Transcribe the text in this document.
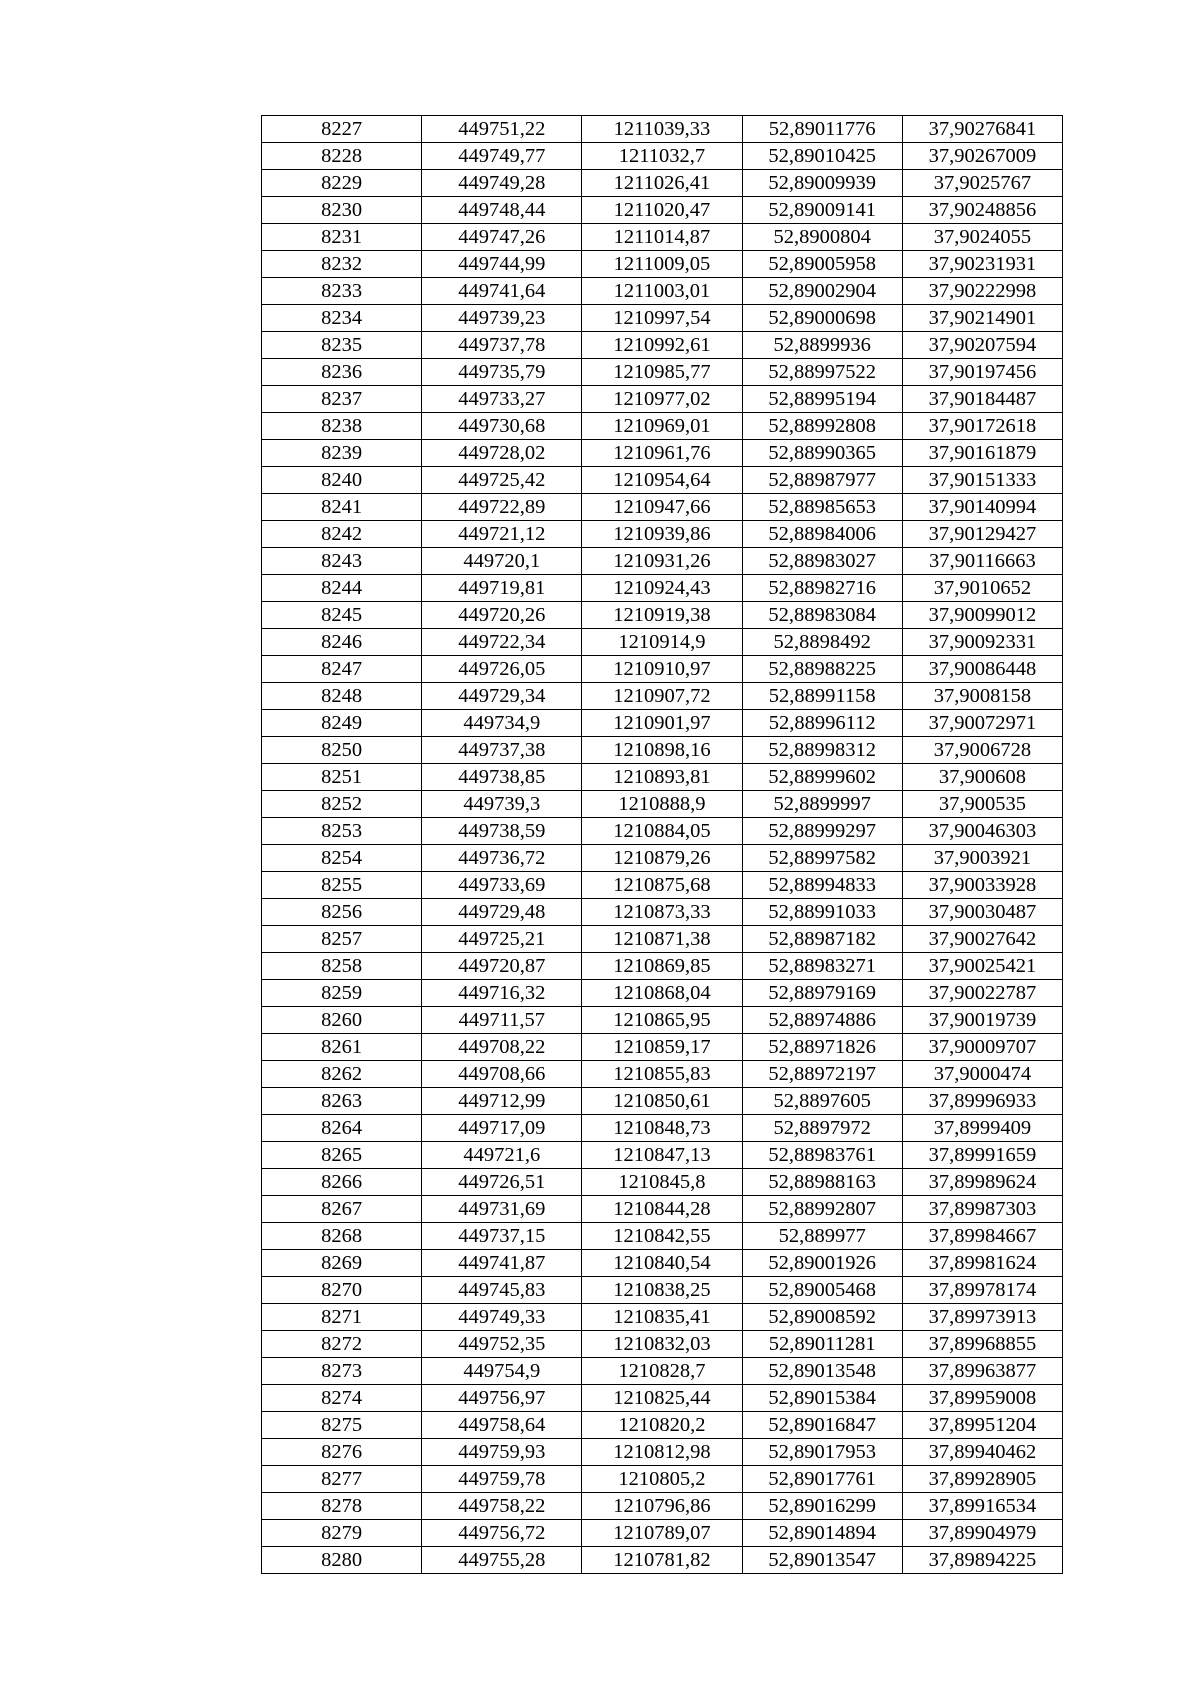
8227	449751,22	1211039,33	52,89011776	37,90276841
8228	449749,77	1211032,7	52,89010425	37,90267009
8229	449749,28	1211026,41	52,89009939	37,9025767
8230	449748,44	1211020,47	52,89009141	37,90248856
8231	449747,26	1211014,87	52,8900804	37,9024055
8232	449744,99	1211009,05	52,89005958	37,90231931
8233	449741,64	1211003,01	52,89002904	37,90222998
8234	449739,23	1210997,54	52,89000698	37,90214901
8235	449737,78	1210992,61	52,8899936	37,90207594
8236	449735,79	1210985,77	52,88997522	37,90197456
8237	449733,27	1210977,02	52,88995194	37,90184487
8238	449730,68	1210969,01	52,88992808	37,90172618
8239	449728,02	1210961,76	52,88990365	37,90161879
8240	449725,42	1210954,64	52,88987977	37,90151333
8241	449722,89	1210947,66	52,88985653	37,90140994
8242	449721,12	1210939,86	52,88984006	37,90129427
8243	449720,1	1210931,26	52,88983027	37,90116663
8244	449719,81	1210924,43	52,88982716	37,9010652
8245	449720,26	1210919,38	52,88983084	37,90099012
8246	449722,34	1210914,9	52,8898492	37,90092331
8247	449726,05	1210910,97	52,88988225	37,90086448
8248	449729,34	1210907,72	52,88991158	37,9008158
8249	449734,9	1210901,97	52,88996112	37,90072971
8250	449737,38	1210898,16	52,88998312	37,9006728
8251	449738,85	1210893,81	52,88999602	37,900608
8252	449739,3	1210888,9	52,8899997	37,900535
8253	449738,59	1210884,05	52,88999297	37,90046303
8254	449736,72	1210879,26	52,88997582	37,9003921
8255	449733,69	1210875,68	52,88994833	37,90033928
8256	449729,48	1210873,33	52,88991033	37,90030487
8257	449725,21	1210871,38	52,88987182	37,90027642
8258	449720,87	1210869,85	52,88983271	37,90025421
8259	449716,32	1210868,04	52,88979169	37,90022787
8260	449711,57	1210865,95	52,88974886	37,90019739
8261	449708,22	1210859,17	52,88971826	37,90009707
8262	449708,66	1210855,83	52,88972197	37,9000474
8263	449712,99	1210850,61	52,8897605	37,89996933
8264	449717,09	1210848,73	52,8897972	37,8999409
8265	449721,6	1210847,13	52,88983761	37,89991659
8266	449726,51	1210845,8	52,88988163	37,89989624
8267	449731,69	1210844,28	52,88992807	37,89987303
8268	449737,15	1210842,55	52,889977	37,89984667
8269	449741,87	1210840,54	52,89001926	37,89981624
8270	449745,83	1210838,25	52,89005468	37,89978174
8271	449749,33	1210835,41	52,89008592	37,89973913
8272	449752,35	1210832,03	52,89011281	37,89968855
8273	449754,9	1210828,7	52,89013548	37,89963877
8274	449756,97	1210825,44	52,89015384	37,89959008
8275	449758,64	1210820,2	52,89016847	37,89951204
8276	449759,93	1210812,98	52,89017953	37,89940462
8277	449759,78	1210805,2	52,89017761	37,89928905
8278	449758,22	1210796,86	52,89016299	37,89916534
8279	449756,72	1210789,07	52,89014894	37,89904979
8280	449755,28	1210781,82	52,89013547	37,89894225
